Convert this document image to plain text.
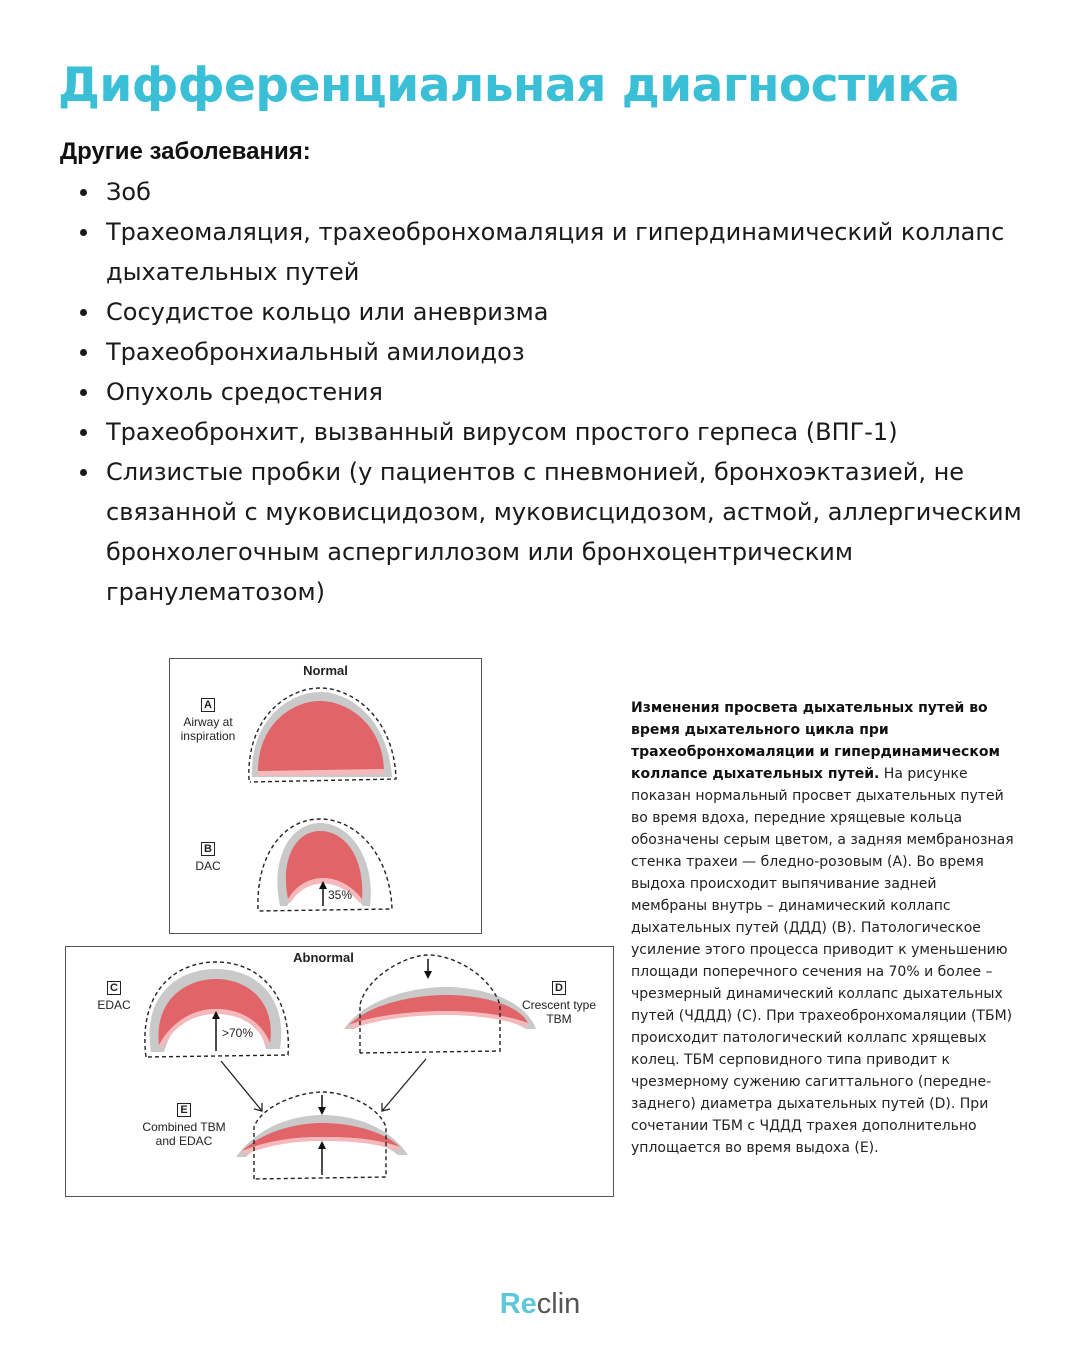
Дифференциальная диагностика
Другие заболевания:
Зоб
Трахеомаляция, трахеобронхомаляция и гипердинамический коллапс дыхательных путей
Сосудистое кольцо или аневризма
Трахеобронхиальный амилоидоз
Опухоль средостения
Трахеобронхит, вызванный вирусом простого герпеса (ВПГ-1)
Слизистые пробки (у пациентов с пневмонией, бронхоэктазией, не связанной с муковисцидозом, муковисцидозом, астмой, аллергическим бронхолегочным аспергиллозом или бронхоцентрическим гранулематозом)
Normal
A
Airway at
inspiration
B
DAC
35%
Abnormal
C
EDAC
>70%
D
Crescent type
TBM
E
Combined TBM
and EDAC
Изменения просвета дыхательных путей во время дыхательного цикла при трахеобронхомаляции и гипердинамическом коллапсе дыхательных путей. На рисунке показан нормальный просвет дыхательных путей во время вдоха, передние хрящевые кольца обозначены серым цветом, а задняя мембранозная стенка трахеи — бледно-розовым (A). Во время выдоха происходит выпячивание задней мембраны внутрь – динамический коллапс дыхательных путей (ДДД) (B). Патологическое усиление этого процесса приводит к уменьшению площади поперечного сечения на 70% и более – чрезмерный динамический коллапс дыхательных путей (ЧДДД) (C). При трахеобронхомаляции (ТБМ) происходит патологический коллапс хрящевых колец. ТБМ серповидного типа приводит к чрезмерному сужению сагиттального (передне-заднего) диаметра дыхательных путей (D). При сочетании ТБМ с ЧДДД трахея дополнительно уплощается во время выдоха (E).
Reclin
